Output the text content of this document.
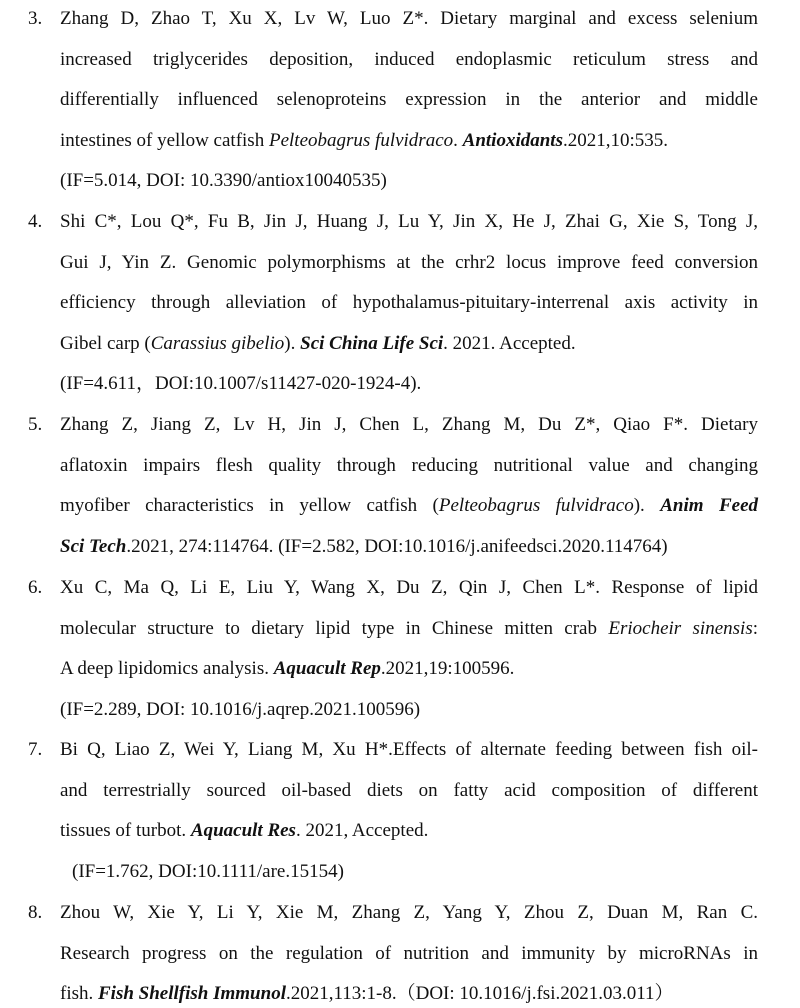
3. Zhang D, Zhao T, Xu X, Lv W, Luo Z*. Dietary marginal and excess selenium
increased triglycerides deposition, induced endoplasmic reticulum stress and
differentially influenced selenoproteins expression in the anterior and middle
intestines of yellow catfish Pelteobagrus fulvidraco. Antioxidants.2021,10:535.
(IF=5.014, DOI: 10.3390/antiox10040535)
4. Shi C*, Lou Q*, Fu B, Jin J, Huang J, Lu Y, Jin X, He J, Zhai G, Xie S, Tong J,
Gui J, Yin Z. Genomic polymorphisms at the crhr2 locus improve feed conversion
efficiency through alleviation of hypothalamus-pituitary-interrenal axis activity in
Gibel carp (Carassius gibelio). Sci China Life Sci. 2021. Accepted.
(IF=4.611，DOI:10.1007/s11427-020-1924-4).
5. Zhang Z, Jiang Z, Lv H, Jin J, Chen L, Zhang M, Du Z*, Qiao F*. Dietary
aflatoxin impairs flesh quality through reducing nutritional value and changing
myofiber characteristics in yellow catfish (Pelteobagrus fulvidraco). Anim Feed
Sci Tech.2021, 274:114764. (IF=2.582, DOI:10.1016/j.anifeedsci.2020.114764)
6. Xu C, Ma Q, Li E, Liu Y, Wang X, Du Z, Qin J, Chen L*. Response of lipid
molecular structure to dietary lipid type in Chinese mitten crab Eriocheir sinensis:
A deep lipidomics analysis. Aquacult Rep.2021,19:100596.
(IF=2.289, DOI: 10.1016/j.aqrep.2021.100596)
7. Bi Q, Liao Z, Wei Y, Liang M, Xu H*.Effects of alternate feeding between fish oil-
and terrestrially sourced oil-based diets on fatty acid composition of different
tissues of turbot. Aquacult Res. 2021, Accepted.
(IF=1.762, DOI:10.1111/are.15154)
8. Zhou W, Xie Y, Li Y, Xie M, Zhang Z, Yang Y, Zhou Z, Duan M, Ran C.
Research progress on the regulation of nutrition and immunity by microRNAs in
fish. Fish Shellfish Immunol.2021,113:1-8.（DOI: 10.1016/j.fsi.2021.03.011）
